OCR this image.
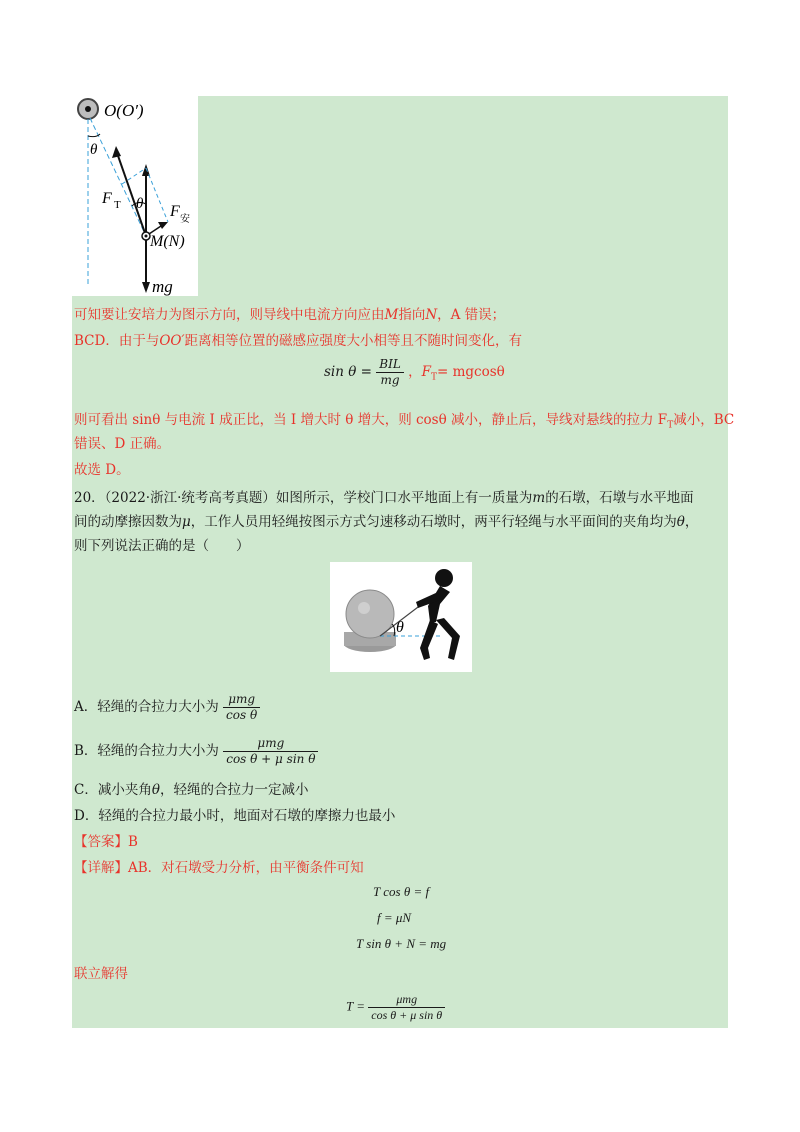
O(O′)
θ
F T θ F 安
M(N)
mg
可知要让安培力为图示方向，则导线中电流方向应由M指向N，A 错误；
BCD．由于与OO′距离相等位置的磁感应强度大小相等且不随时间变化，有
$\sin \theta = \frac{\text{BIL}}{mg}$ ，$F_T= mgcos\theta$
则可看出 sinθ 与电流 I 成正比，当 I 增大时 θ 增大，则 cosθ 减小，静止后，导线对悬线的拉力 $F_T$减小，BC
错误、D 正确。
故选 D。
20．（2022·浙江·统考高考真题）如图所示，学校门口水平地面上有一质量为m的石墩，石墩与水平地面
间的动摩擦因数为μ，工作人员用轻绳按图示方式匀速移动石墩时，两平行轻绳与水平面间的夹角均为θ，
则下列说法正确的是（　　）
θ
A．轻绳的合拉力大小为 $\frac{\text{μmg}}{\text{cos θ}}$
B．轻绳的合拉力大小为 $\frac{\text{μmg}}{\text{cos θ + μ sin θ}}$
C．减小夹角θ，轻绳的合拉力一定减小
D．轻绳的合拉力最小时，地面对石墩的摩擦力也最小
【答案】B
【详解】AB．对石墩受力分析，由平衡条件可知
T cos θ = f
f = μN
T sin θ + N = mg
联立解得
$T = \frac{\text{μmg}}{\text{cos θ + μ sin θ}}$
